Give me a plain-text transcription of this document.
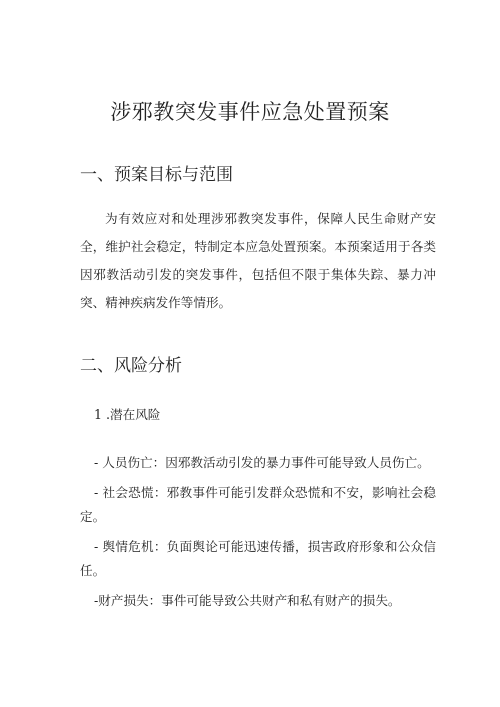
涉邪教突发事件应急处置预案
一、预案目标与范围

为有效应对和处理涉邪教突发事件，保障人民生命财产安全，维护社会稳定，特制定本应急处置预案。本预案适用于各类因邪教活动引发的突发事件，包括但不限于集体失踪、暴力冲突、精神疾病发作等情形。

二、风险分析

1 .潜在风险

- 人员伤亡：因邪教活动引发的暴力事件可能导致人员伤亡。
- 社会恐慌：邪教事件可能引发群众恐慌和不安，影响社会稳定。
- 舆情危机：负面舆论可能迅速传播，损害政府形象和公众信任。
-财产损失：事件可能导致公共财产和私有财产的损失。
